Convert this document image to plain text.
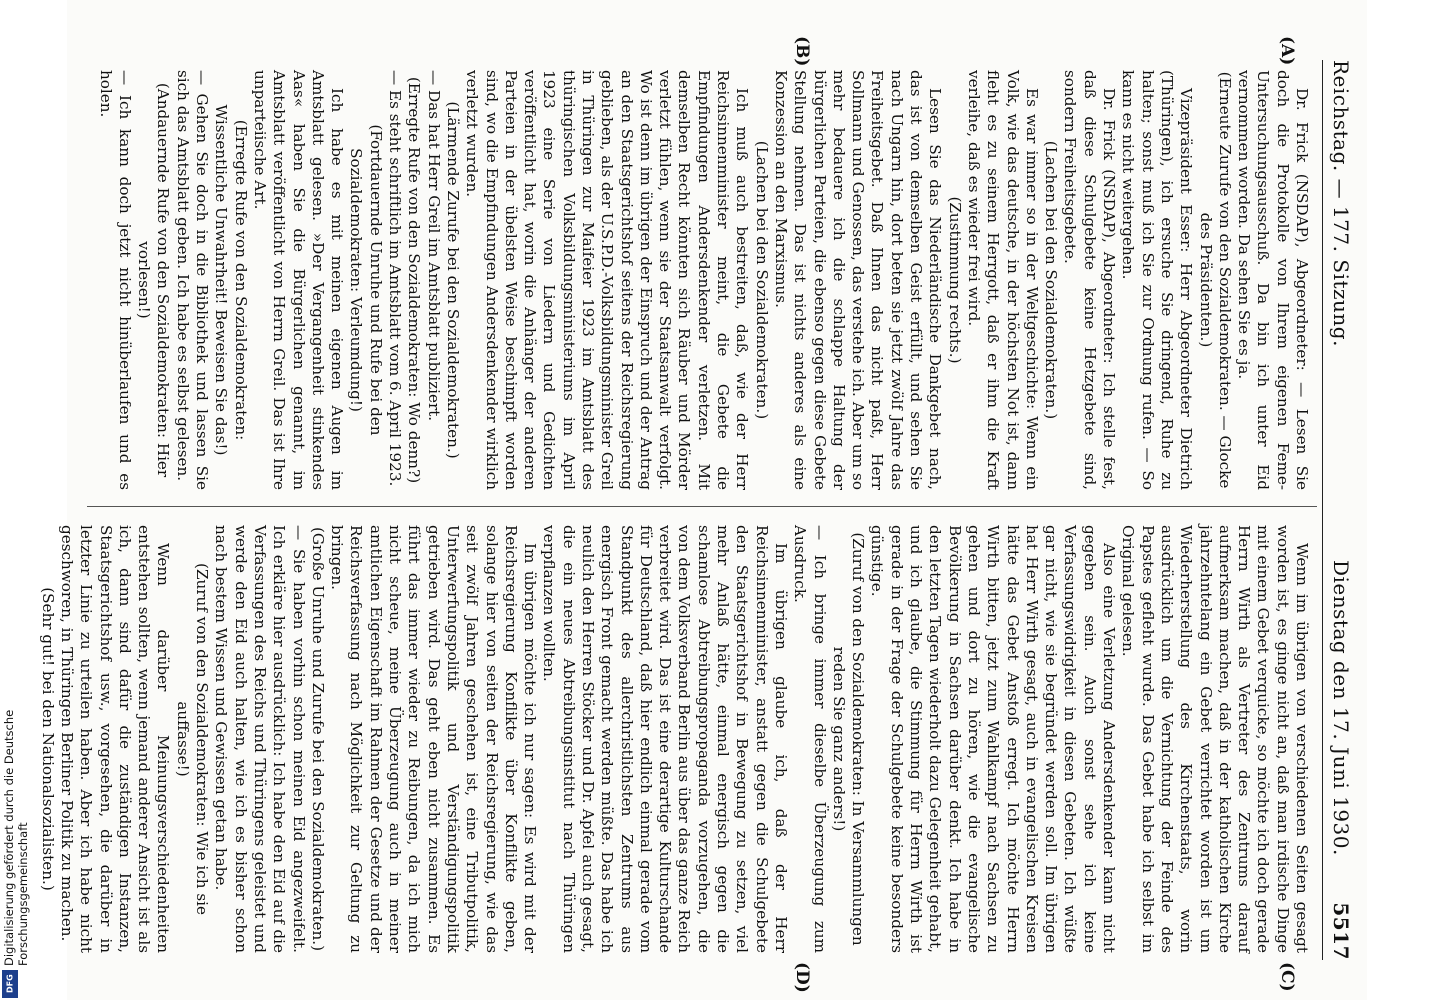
Reichstag. — 177. Sitzung.
Dienstag den 17. Juni 1930.
5517
(A)
(B)
(C)
(D)

Dr. Frick (NSDAP), Abgeordneter: — Lesen Sie doch die Protokolle von Ihrem eigenen Feme-Untersuchungsausschuß. Da bin ich unter Eid vernommen worden. Da sehen Sie es ja.

(Erneute Zurufe von den Sozialdemokraten. — Glocke des Präsidenten.)

Vizepräsident Esser: Herr Abgeordneter Dietrich (Thüringen), ich ersuche Sie dringend, Ruhe zu halten; sonst muß ich Sie zur Ordnung rufen. — So kann es nicht weitergehen.

Dr. Frick (NSDAP), Abgeordneter: Ich stelle fest, daß diese Schulgebete keine Hetzgebete sind, sondern Freiheitsgebete.

(Lachen bei den Sozialdemokraten.)

Es war immer so in der Weltgeschichte: Wenn ein Volk, wie das deutsche, in der höchsten Not ist, dann fleht es zu seinem Herrgott, daß er ihm die Kraft verleihe, daß es wieder frei wird.

(Zustimmung rechts.)

Lesen Sie das Niederländische Dankgebet nach, das ist von demselben Geist erfüllt, und sehen Sie nach Ungarn hin, dort beten sie jetzt zwölf Jahre das Freiheitsgebet. Daß Ihnen das nicht paßt, Herr Sollmann und Genossen, das verstehe ich. Aber um so mehr bedauere ich die schlappe Haltung der bürgerlichen Parteien, die ebenso gegen diese Gebete Stellung nehmen. Das ist nichts anderes als eine Konzession an den Marxismus.

(Lachen bei den Sozialdemokraten.)

Ich muß auch bestreiten, daß, wie der Herr Reichsinnenminister meint, die Gebete die Empfindungen Andersdenkender verletzen. Mit demselben Recht könnten sich Räuber und Mörder verletzt fühlen, wenn sie der Staatsanwalt verfolgt. Wo ist denn im übrigen der Einspruch und der Antrag an den Staatsgerichtshof seitens der Reichsregierung geblieben, als der U.S.P.D.-Volksbildungsminister Greil in Thüringen zur Maifeier 1923 im Amtsblatt des thüringischen Volksbildungsministeriums im April 1923 eine Serie von Liedern und Gedichten veröffentlicht hat, worin die Anhänger der anderen Parteien in der übelsten Weise beschimpft worden sind, wo die Empfindungen Andersdenkender wirklich verletzt wurden.

(Lärmende Zurufe bei den Sozialdemokraten.)

— Das hat Herr Greil im Amtsblatt publiziert.

(Erregte Rufe von den Sozialdemokraten: Wo denn?)

— Es steht schriftlich im Amtsblatt vom 6. April 1923.

(Fortdauernde Unruhe und Rufe bei den Sozialdemokraten: Verleumdung!)

Ich habe es mit meinen eigenen Augen im Amtsblatt gelesen. »Der Vergangenheit stinkendes Aas« haben Sie die Bürgerlichen genannt, im Amtsblatt veröffentlicht von Herrn Greil. Das ist Ihre unparteiische Art.

(Erregte Rufe von den Sozialdemokraten: Wissentliche Unwahrheit! Beweisen Sie das!)

— Gehen Sie doch in die Bibliothek und lassen Sie sich das Amtsblatt geben. Ich habe es selbst gelesen.

(Andauernde Rufe von den Sozialdemokraten: Hier vorlesen!)

— Ich kann doch jetzt nicht hinüberlaufen und es holen.

Wenn im übrigen von verschiedenen Seiten gesagt worden ist, es ginge nicht an, daß man irdische Dinge mit einem Gebet verquicke, so möchte ich doch gerade Herrn Wirth als Vertreter des Zentrums darauf aufmerksam machen, daß in der katholischen Kirche jahrzehntelang ein Gebet verrichtet worden ist um Wiederherstellung des Kirchenstaats, worin ausdrücklich um die Vernichtung der Feinde des Papstes gefleht wurde. Das Gebet habe ich selbst im Original gelesen.

Also eine Verletzung Andersdenkender kann nicht gegeben sein. Auch sonst sehe ich keine Verfassungswidrigkeit in diesen Gebeten. Ich wüßte gar nicht, wie sie begründet werden soll. Im übrigen hat Herr Wirth gesagt, auch in evangelischen Kreisen hätte das Gebet Anstoß erregt. Ich möchte Herrn Wirth bitten, jetzt zum Wahlkampf nach Sachsen zu gehen und dort zu hören, wie die evangelische Bevölkerung in Sachsen darüber denkt. Ich habe in den letzten Tagen wiederholt dazu Gelegenheit gehabt, und ich glaube, die Stimmung für Herrn Wirth ist gerade in der Frage der Schulgebete keine besonders günstige.

(Zuruf von den Sozialdemokraten: In Versammlungen reden Sie ganz anders!)

— Ich bringe immer dieselbe Überzeugung zum Ausdruck.

Im übrigen glaube ich, daß der Herr Reichsinnenminister, anstatt gegen die Schulgebete den Staatsgerichtshof in Bewegung zu setzen, viel mehr Anlaß hätte, einmal energisch gegen die schamlose Abtreibungspropaganda vorzugehen, die von dem Volksverband Berlin aus über das ganze Reich verbreitet wird. Das ist eine derartige Kulturschande für Deutschland, daß hier endlich einmal gerade vom Standpunkt des allerchristlichsten Zentrums aus energisch Front gemacht werden müßte. Das habe ich neulich den Herren Stöcker und Dr. Apfel auch gesagt, die ein neues Abtreibungsinstitut nach Thüringen verpflanzen wollten.

Im übrigen möchte ich nur sagen: Es wird mit der Reichsregierung Konflikte über Konflikte geben, solange hier von seiten der Reichsregierung, wie das seit zwölf Jahren geschehen ist, eine Tributpolitik, Unterwerfungspolitik und Verständigungspolitik getrieben wird. Das geht eben nicht zusammen. Es führt das immer wieder zu Reibungen, da ich mich nicht scheue, meine Überzeugung auch in meiner amtlichen Eigenschaft im Rahmen der Gesetze und der Reichsverfassung nach Möglichkeit zur Geltung zu bringen.

(Große Unruhe und Zurufe bei den Sozialdemokraten.)

— Sie haben vorhin schon meinen Eid angezweifelt. Ich erkläre hier ausdrücklich: Ich habe den Eid auf die Verfassungen des Reichs und Thüringens geleistet und werde den Eid auch halten, wie ich es bisher schon nach bestem Wissen und Gewissen getan habe.

(Zuruf von den Sozialdemokraten: Wie ich sie auffasse!)

Wenn darüber Meinungsverschiedenheiten entstehen sollten, wenn jemand anderer Ansicht ist als ich, dann sind dafür die zuständigen Instanzen, Staatsgerichtshof usw., vorgesehen, die darüber in letzter Linie zu urteilen haben. Aber ich habe nicht geschworen, in Thüringen Berliner Politik zu machen.

(Sehr gut! bei den Nationalsozialisten.)

Digitalisierung gefördert durch die Deutsche Forschungsgemeinschaft
DFG
